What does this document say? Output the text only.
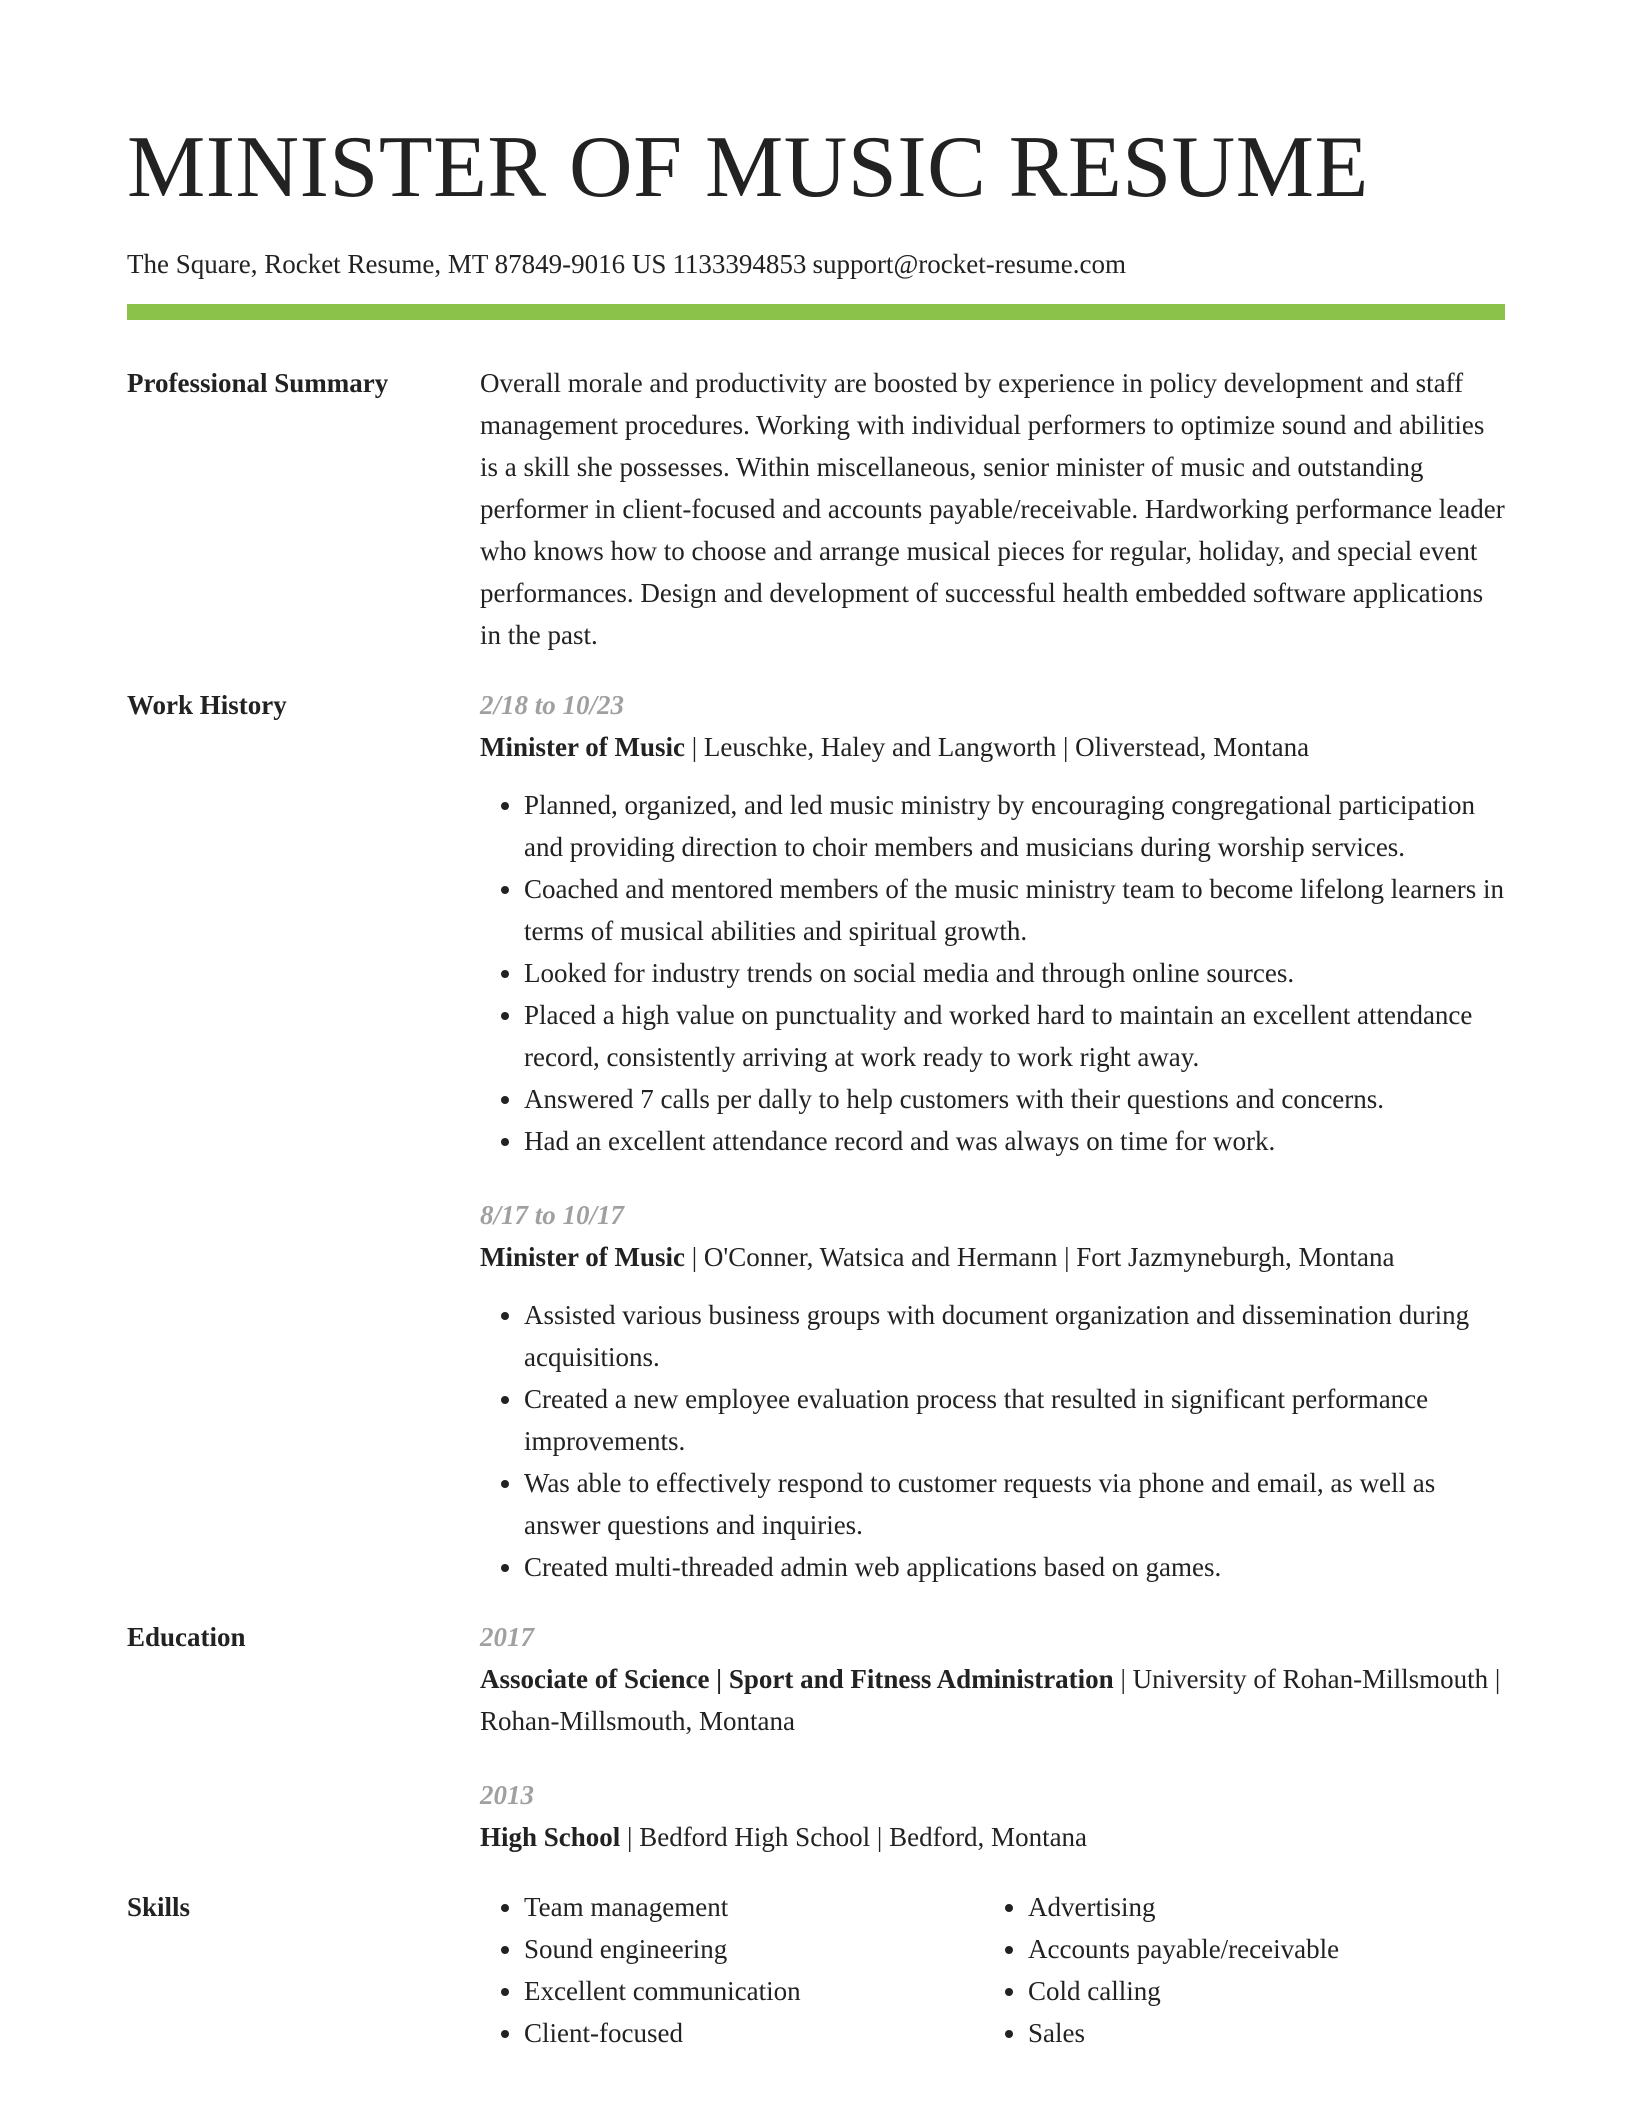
MINISTER OF MUSIC RESUME
The Square, Rocket Resume, MT 87849-9016 US 1133394853 support@rocket-resume.com
Professional Summary	Overall morale and productivity are boosted by experience in policy development and staff management procedures. Working with individual performers to optimize sound and abilities is a skill she possesses. Within miscellaneous, senior minister of music and outstanding performer in client-focused and accounts payable/receivable. Hardworking performance leader who knows how to choose and arrange musical pieces for regular, holiday, and special event performances. Design and development of successful health embedded software applications in the past.
Work History	2/18 to 10/23
Minister of Music | Leuschke, Haley and Langworth | Oliverstead, Montana
• Planned, organized, and led music ministry by encouraging congregational participation and providing direction to choir members and musicians during worship services.
• Coached and mentored members of the music ministry team to become lifelong learners in terms of musical abilities and spiritual growth.
• Looked for industry trends on social media and through online sources.
• Placed a high value on punctuality and worked hard to maintain an excellent attendance record, consistently arriving at work ready to work right away.
• Answered 7 calls per dally to help customers with their questions and concerns.
• Had an excellent attendance record and was always on time for work.
8/17 to 10/17
Minister of Music | O'Conner, Watsica and Hermann | Fort Jazmyneburgh, Montana
• Assisted various business groups with document organization and dissemination during acquisitions.
• Created a new employee evaluation process that resulted in significant performance improvements.
• Was able to effectively respond to customer requests via phone and email, as well as answer questions and inquiries.
• Created multi-threaded admin web applications based on games.
Education	2017
Associate of Science | Sport and Fitness Administration | University of Rohan-Millsmouth | Rohan-Millsmouth, Montana
2013
High School | Bedford High School | Bedford, Montana
Skills
•	Team management
• Sound engineering
• Excellent communication
• Client-focused
• Advertising
• Accounts payable/receivable
• Cold calling
• Sales
